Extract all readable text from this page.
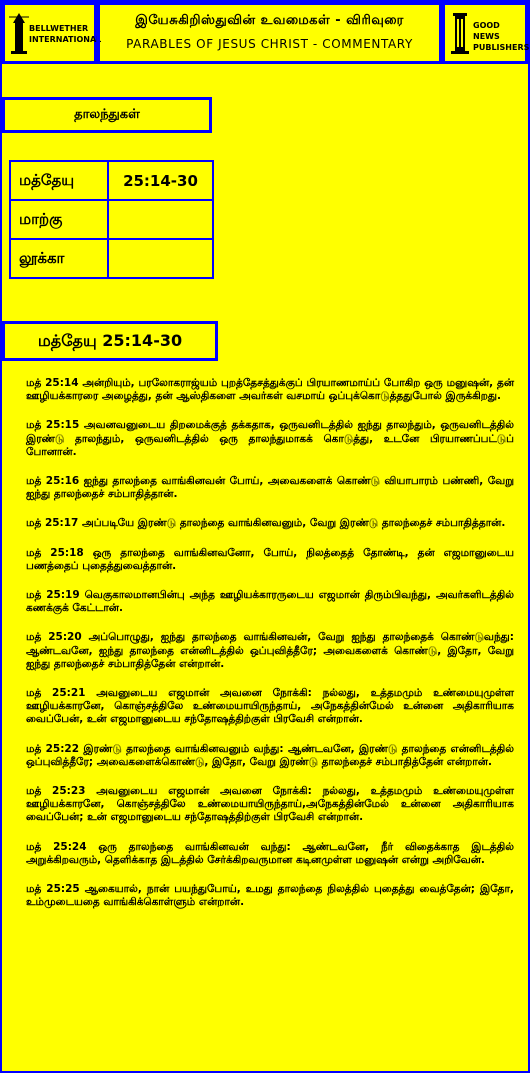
BELLWETHER INTERNATIONAL
இயேசுகிறிஸ்துவின் உவமைகள் - விரிவுரை
PARABLES OF JESUS CHRIST - COMMENTARY
GOOD NEWS PUBLISHERS
தாலந்துகள்
மத்தேயு	25:14-30
மாற்கு	
லூக்கா	
மத்தேயு 25:14-30

மத் 25:14 அன்றியும், பரலோகராஜ்யம் புறத்தேசத்துக்குப் பிரயாணமாய்ப் போகிற ஒரு மனுஷன், தன் ஊழியக்காரரை அழைத்து, தன் ஆஸ்திகளை அவர்கள் வசமாய் ஒப்புக்கொடுத்ததுபோல் இருக்கிறது.

மத் 25:15 அவனவனுடைய திறமைக்குத் தக்கதாக, ஒருவனிடத்தில் ஐந்து தாலந்தும், ஒருவனிடத்தில் இரண்டு தாலந்தும், ஒருவனிடத்தில் ஒரு தாலந்துமாகக் கொடுத்து, உடனே பிரயாணப்பட்டுப் போனான்.

மத் 25:16 ஐந்து தாலந்தை வாங்கினவன் போய், அவைகளைக் கொண்டு வியாபாரம் பண்ணி, வேறு ஐந்து தாலந்தைச் சம்பாதித்தான்.

மத் 25:17 அப்படியே இரண்டு தாலந்தை வாங்கினவனும், வேறு இரண்டு தாலந்தைச் சம்பாதித்தான்.

மத் 25:18 ஒரு தாலந்தை வாங்கினவனோ, போய், நிலத்தைத் தோண்டி, தன் எஜமானுடைய பணத்தைப் புதைத்துவைத்தான்.

மத் 25:19 வெகுகாலமானபின்பு அந்த ஊழியக்காரருடைய எஜமான் திரும்பிவந்து, அவர்களிடத்தில் கணக்குக் கேட்டான்.

மத் 25:20 அப்பொழுது, ஐந்து தாலந்தை வாங்கினவன், வேறு ஐந்து தாலந்தைக் கொண்டுவந்து: ஆண்டவனே, ஐந்து தாலந்தை என்னிடத்தில் ஒப்புவித்தீரே; அவைகளைக் கொண்டு, இதோ, வேறு ஐந்து தாலந்தைச் சம்பாதித்தேன் என்றான்.

மத் 25:21 அவனுடைய எஜமான் அவனை நோக்கி: நல்லது, உத்தமமும் உண்மையுமுள்ள ஊழியக்காரனே, கொஞ்சத்திலே உண்மையாயிருந்தாய், அநேகத்தின்மேல் உன்னை அதிகாரியாக வைப்பேன், உன் எஜமானுடைய சந்தோஷத்திற்குள் பிரவேசி என்றான்.

மத் 25:22 இரண்டு தாலந்தை வாங்கினவனும் வந்து: ஆண்டவனே, இரண்டு தாலந்தை என்னிடத்தில் ஒப்புவித்தீரே; அவைகளைக்கொண்டு, இதோ, வேறு இரண்டு தாலந்தைச் சம்பாதித்தேன் என்றான்.

மத் 25:23 அவனுடைய எஜமான் அவனை நோக்கி: நல்லது, உத்தமமும் உண்மையுமுள்ள ஊழியக்காரனே, கொஞ்சத்திலே உண்மையாயிருந்தாய்,அநேகத்தின்மேல் உன்னை அதிகாரியாக வைப்பேன்; உன் எஜமானுடைய சந்தோஷத்திற்குள் பிரவேசி என்றான்.

மத் 25:24 ஒரு தாலந்தை வாங்கினவன் வந்து: ஆண்டவனே, நீர் விதைக்காத இடத்தில் அறுக்கிறவரும், தெளிக்காத இடத்தில் சேர்க்கிறவருமான கடினமுள்ள மனுஷன் என்று அறிவேன்.

மத் 25:25 ஆகையால், நான் பயந்துபோய், உமது தாலந்தை நிலத்தில் புதைத்து வைத்தேன்; இதோ, உம்முடையதை வாங்கிக்கொள்ளும் என்றான்.
